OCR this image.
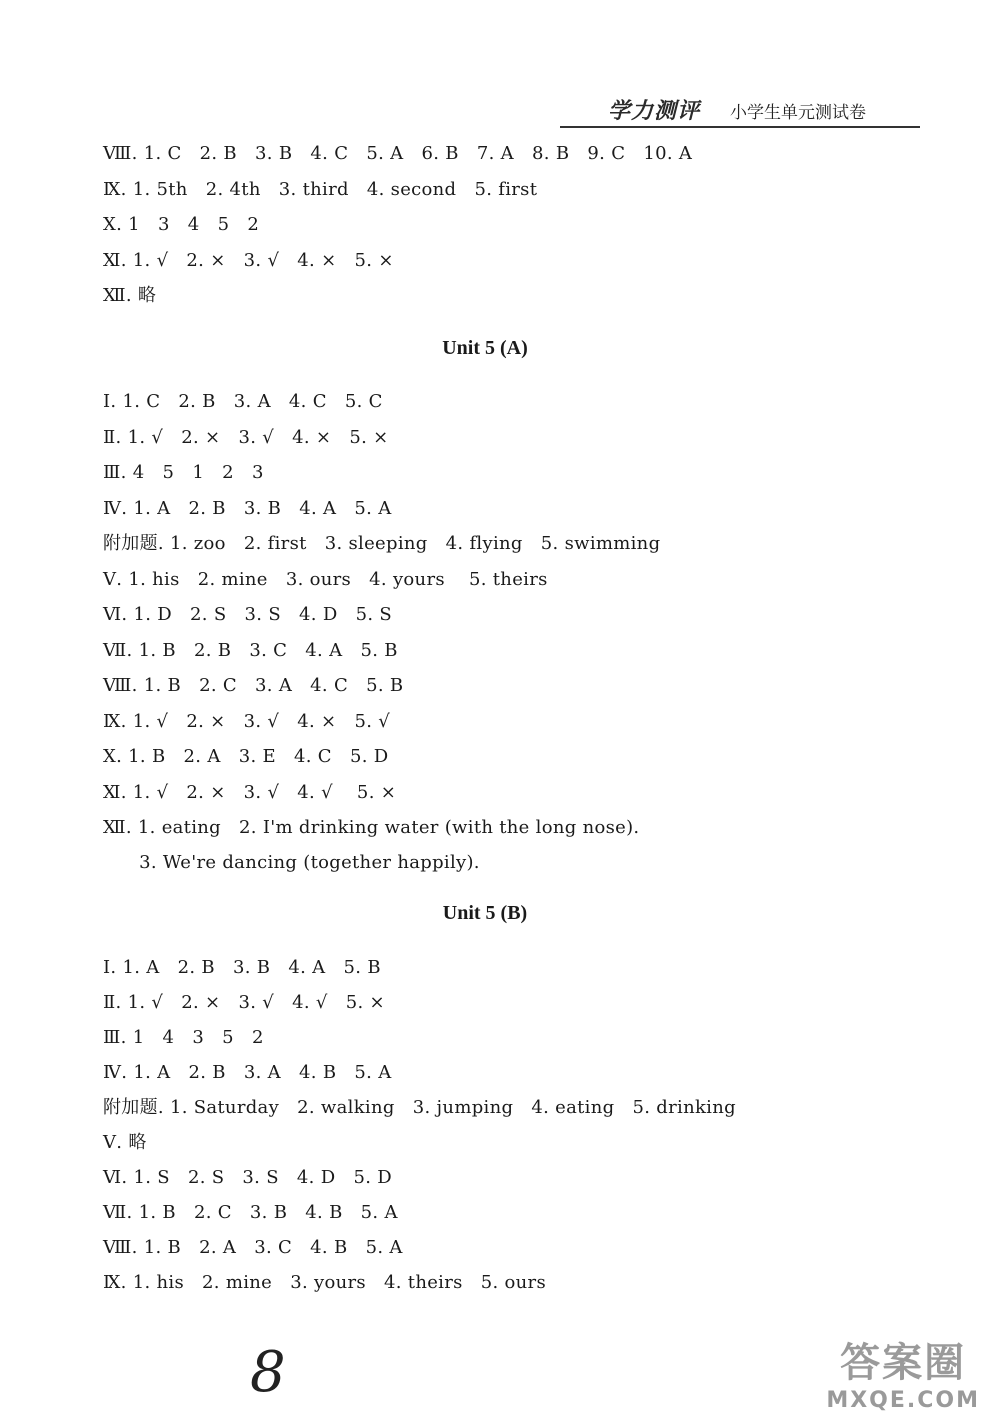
学力测评 小学生单元测试卷
Ⅷ. 1. C   2. B   3. B   4. C   5. A   6. B   7. A   8. B   9. C   10. A
Ⅸ. 1. 5th   2. 4th   3. third   4. second   5. first
Ⅹ. 1   3   4   5   2
Ⅺ. 1. √   2. ×   3. √   4. ×   5. ×
Ⅻ. 略
Unit 5 (A)
Ⅰ. 1. C   2. B   3. A   4. C   5. C
Ⅱ. 1. √   2. ×   3. √   4. ×   5. ×
Ⅲ. 4   5   1   2   3
Ⅳ. 1. A   2. B   3. B   4. A   5. A
附加题. 1. zoo   2. first   3. sleeping   4. flying   5. swimming
Ⅴ. 1. his   2. mine   3. ours   4. yours    5. theirs
Ⅵ. 1. D   2. S   3. S   4. D   5. S
Ⅶ. 1. B   2. B   3. C   4. A   5. B
Ⅷ. 1. B   2. C   3. A   4. C   5. B
Ⅸ. 1. √   2. ×   3. √   4. ×   5. √
Ⅹ. 1. B   2. A   3. E   4. C   5. D
Ⅺ. 1. √   2. ×   3. √   4. √    5. ×
Ⅻ. 1. eating   2. I'm drinking water (with the long nose).
3. We're dancing (together happily).
Unit 5 (B)
Ⅰ. 1. A   2. B   3. B   4. A   5. B
Ⅱ. 1. √   2. ×   3. √   4. √   5. ×
Ⅲ. 1   4   3   5   2
Ⅳ. 1. A   2. B   3. A   4. B   5. A
附加题. 1. Saturday   2. walking   3. jumping   4. eating   5. drinking
Ⅴ. 略
Ⅵ. 1. S   2. S   3. S   4. D   5. D
Ⅶ. 1. B   2. C   3. B   4. B   5. A
Ⅷ. 1. B   2. A   3. C   4. B   5. A
Ⅸ. 1. his   2. mine   3. yours   4. theirs   5. ours
8	答案圈
MXQE.COM
